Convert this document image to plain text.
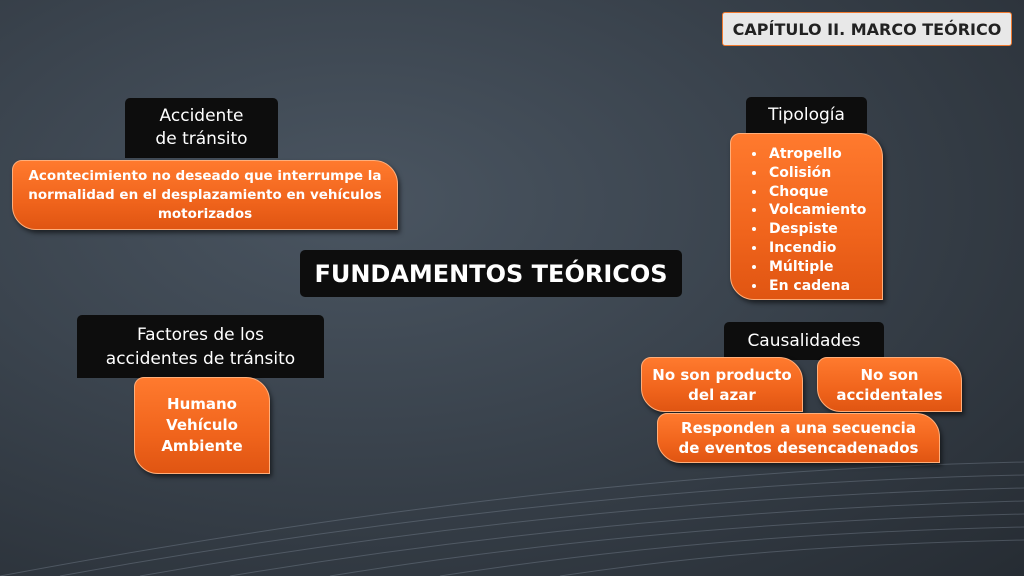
CAPÍTULO II. MARCO TEÓRICO
Accidente
de tránsito
Acontecimiento no deseado que interrumpe la normalidad en el desplazamiento en vehículos motorizados
FUNDAMENTOS TEÓRICOS
Factores de los
accidentes de tránsito
Humano
Vehículo
Ambiente
Tipología
• Atropello
• Colisión
• Choque
• Volcamiento
• Despiste
• Incendio
• Múltiple
• En cadena
Causalidades
No son producto
del azar
No son
accidentales
Responden a una secuencia
de eventos desencadenados
